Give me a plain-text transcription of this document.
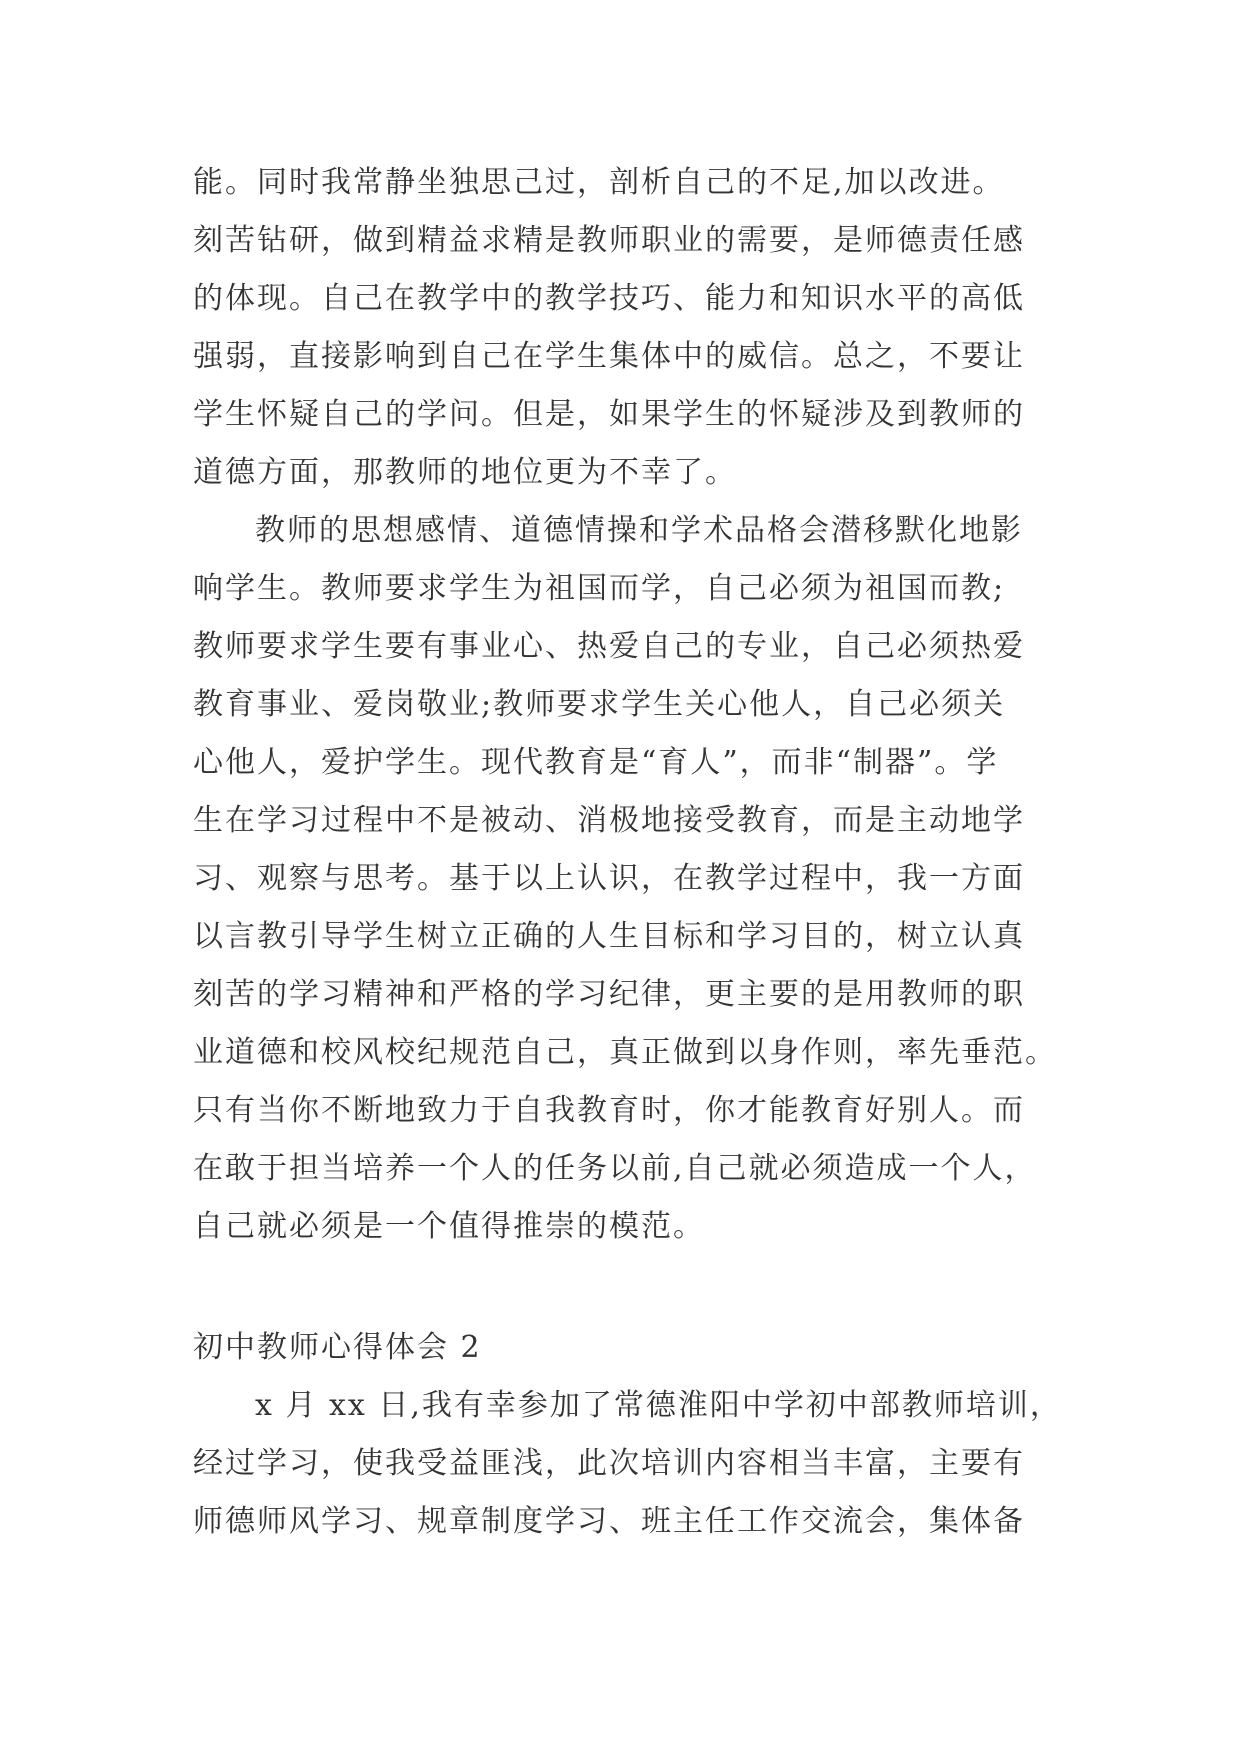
能。同时我常静坐独思己过，剖析自己的不足,加以改进。
刻苦钻研，做到精益求精是教师职业的需要，是师德责任感
的体现。自己在教学中的教学技巧、能力和知识水平的高低
强弱，直接影响到自己在学生集体中的威信。总之，不要让
学生怀疑自己的学问。但是，如果学生的怀疑涉及到教师的
道德方面，那教师的地位更为不幸了。
教师的思想感情、道德情操和学术品格会潜移默化地影
响学生。教师要求学生为祖国而学，自己必须为祖国而教;
教师要求学生要有事业心、热爱自己的专业，自己必须热爱
教育事业、爱岗敬业;教师要求学生关心他人，自己必须关
心他人，爱护学生。现代教育是“育人”，而非“制器”。学
生在学习过程中不是被动、消极地接受教育，而是主动地学
习、观察与思考。基于以上认识，在教学过程中，我一方面
以言教引导学生树立正确的人生目标和学习目的，树立认真
刻苦的学习精神和严格的学习纪律，更主要的是用教师的职
业道德和校风校纪规范自己，真正做到以身作则，率先垂范。
只有当你不断地致力于自我教育时，你才能教育好别人。而
在敢于担当培养一个人的任务以前,自己就必须造成一个人，
自己就必须是一个值得推崇的模范。
初中教师心得体会 2
x 月 xx 日,我有幸参加了常德淮阳中学初中部教师培训，
经过学习，使我受益匪浅，此次培训内容相当丰富，主要有
师德师风学习、规章制度学习、班主任工作交流会，集体备
